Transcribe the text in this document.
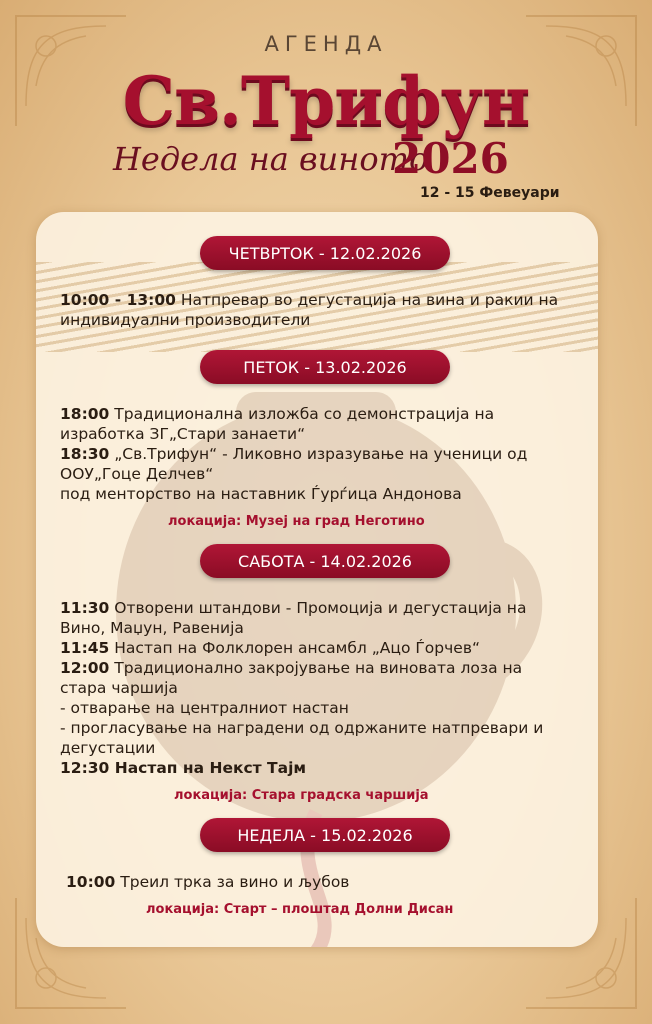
АГЕНДА
Св.Трифун
Недела на виното
2026
12 - 15 Февеуари
ЧЕТВРТОК - 12.02.2026
10:00 - 13:00 Натпревар во дегустација на вина и ракии на
индивидуални производители
ПЕТОК - 13.02.2026
18:00 Традиционална изложба со демонстрација на
изработка ЗГ„Стари занаети“
18:30 „Св.Трифун“ - Ликовно изразување на ученици од
ООУ„Гоце Делчев“
под менторство на наставник Ѓурѓица Андонова
локација: Музеј на град Неготино
САБОТА - 14.02.2026
11:30 Отворени штандови - Промоција и дегустација на
Вино, Маџун, Равенија
11:45 Настап на Фолклорен ансамбл „Ацо Ѓорчев“
12:00 Традиционално закројување на виновата лоза на
стара чаршија
- отварање на централниот настан
- прогласување на наградени од одржаните натпревари и
дегустации
12:30 Настап на Некст Тајм
локација: Стара градска чаршија
НЕДЕЛА - 15.02.2026
10:00 Треил трка за вино и љубов
локација: Старт – плоштад Долни Дисан
